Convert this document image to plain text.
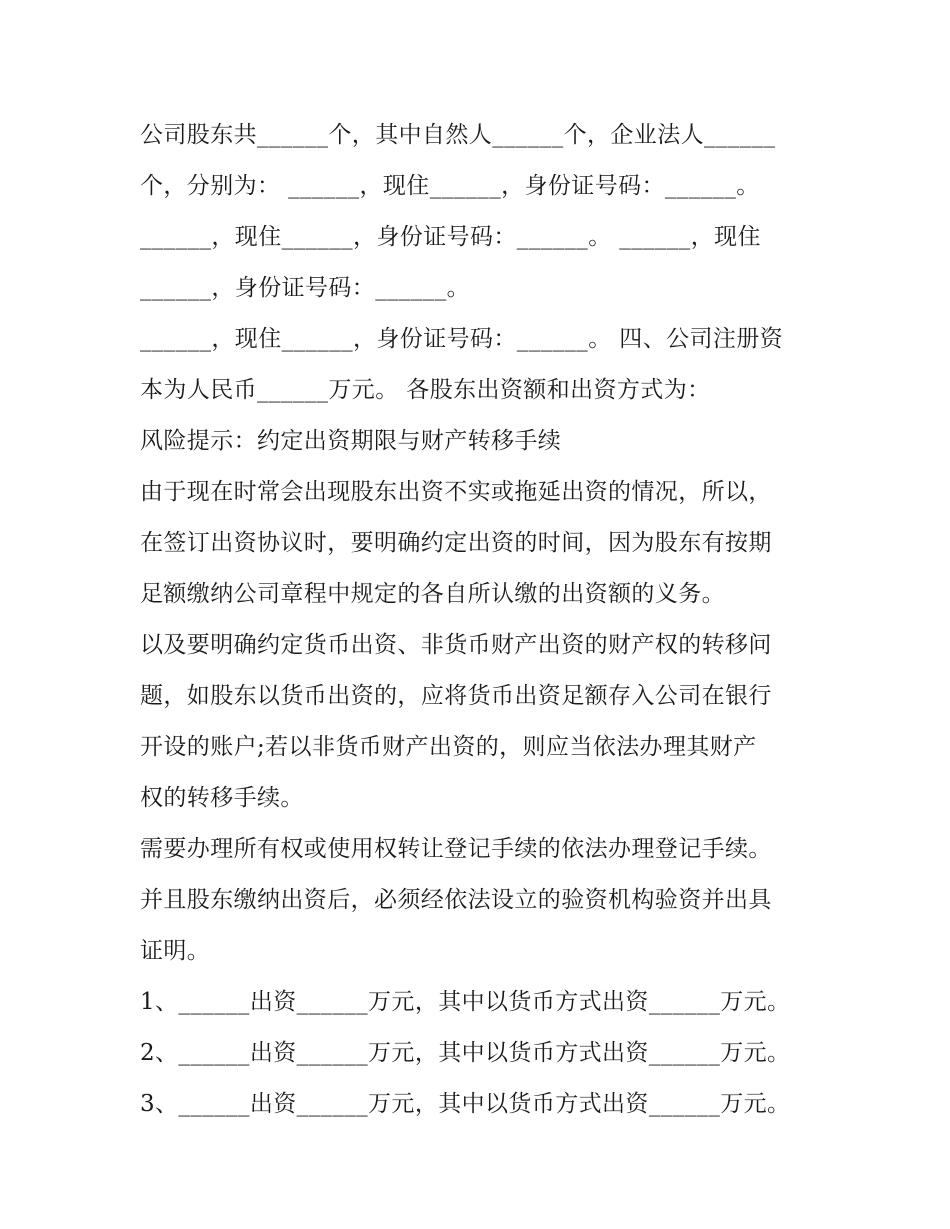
公司股东共______个，其中自然人______个，企业法人______
个，分别为： ______，现住______，身份证号码：______。
______，现住______，身份证号码：______。 ______，现住
______，身份证号码：______。
______，现住______，身份证号码：______。 四、公司注册资
本为人民币______万元。 各股东出资额和出资方式为：
风险提示：约定出资期限与财产转移手续
由于现在时常会出现股东出资不实或拖延出资的情况，所以，
在签订出资协议时，要明确约定出资的时间，因为股东有按期
足额缴纳公司章程中规定的各自所认缴的出资额的义务。
以及要明确约定货币出资、非货币财产出资的财产权的转移问
题，如股东以货币出资的，应将货币出资足额存入公司在银行
开设的账户;若以非货币财产出资的，则应当依法办理其财产
权的转移手续。
需要办理所有权或使用权转让登记手续的依法办理登记手续。
并且股东缴纳出资后，必须经依法设立的验资机构验资并出具
证明。
1、______出资______万元，其中以货币方式出资______万元。
2、______出资______万元，其中以货币方式出资______万元。
3、______出资______万元，其中以货币方式出资______万元。
